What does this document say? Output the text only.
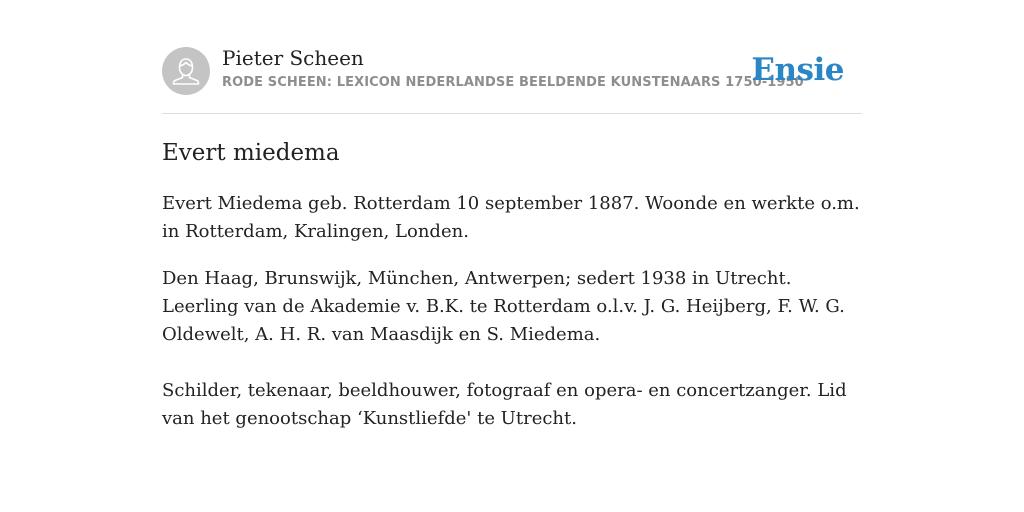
Pieter Scheen
RODE SCHEEN: LEXICON NEDERLANDSE BEELDENDE KUNSTENAARS 1750-1950
Ensie
Evert miedema

Evert Miedema geb. Rotterdam 10 september 1887. Woonde en werkte o.m. in Rotterdam, Kralingen, Londen.

Den Haag, Brunswijk, München, Antwerpen; sedert 1938 in Utrecht. Leerling van de Akademie v. B.K. te Rotterdam o.l.v. J. G. Heijberg, F. W. G. Oldewelt, A. H. R. van Maasdijk en S. Miedema.

Schilder, tekenaar, beeldhouwer, fotograaf en opera- en concertzanger. Lid van het genootschap ‘Kunstliefde' te Utrecht.
